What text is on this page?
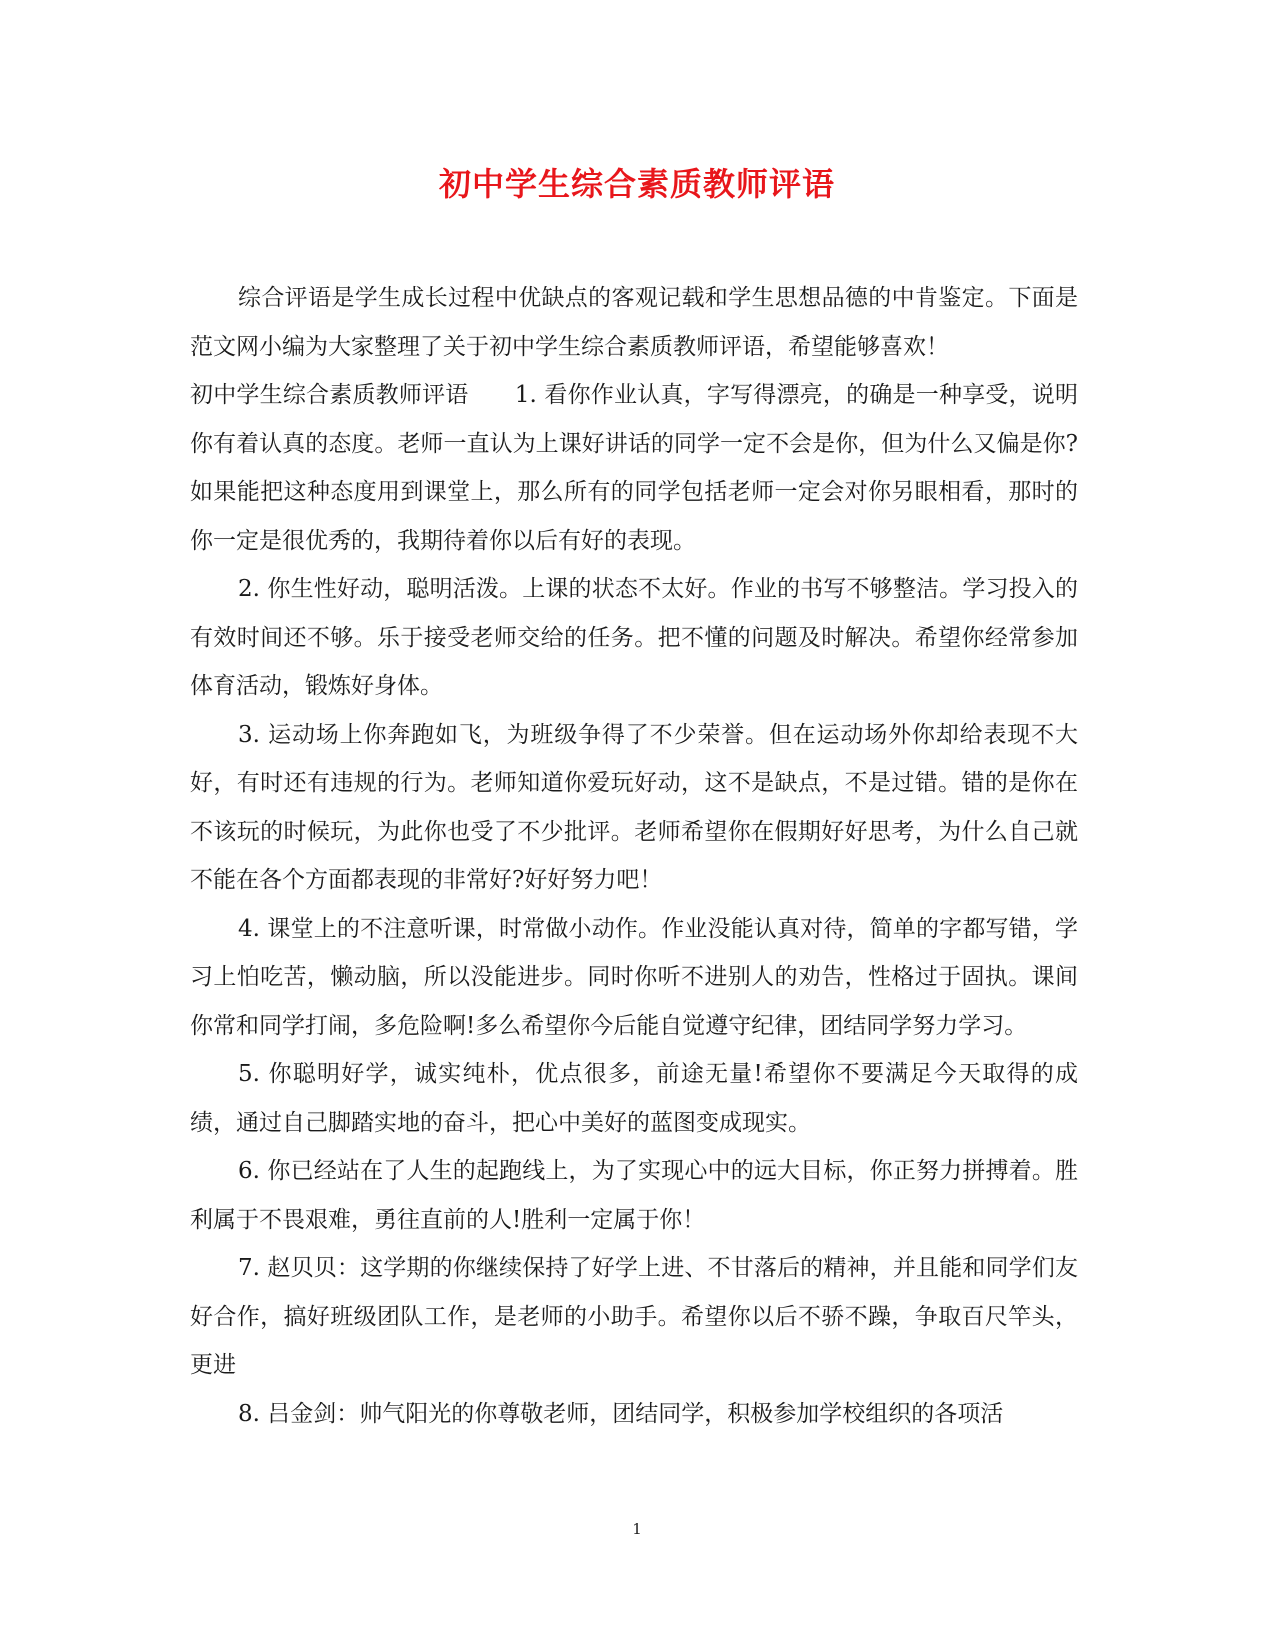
初中学生综合素质教师评语

综合评语是学生成长过程中优缺点的客观记载和学生思想品德的中肯鉴定。下面是范文网小编为大家整理了关于初中学生综合素质教师评语，希望能够喜欢！

初中学生综合素质教师评语　　1. 看你作业认真，字写得漂亮，的确是一种享受，说明你有着认真的态度。老师一直认为上课好讲话的同学一定不会是你，但为什么又偏是你?如果能把这种态度用到课堂上，那么所有的同学包括老师一定会对你另眼相看，那时的你一定是很优秀的，我期待着你以后有好的表现。

2. 你生性好动，聪明活泼。上课的状态不太好。作业的书写不够整洁。学习投入的有效时间还不够。乐于接受老师交给的任务。把不懂的问题及时解决。希望你经常参加体育活动，锻炼好身体。

3. 运动场上你奔跑如飞，为班级争得了不少荣誉。但在运动场外你却给表现不大好，有时还有违规的行为。老师知道你爱玩好动，这不是缺点，不是过错。错的是你在不该玩的时候玩，为此你也受了不少批评。老师希望你在假期好好思考，为什么自己就不能在各个方面都表现的非常好?好好努力吧！

4. 课堂上的不注意听课，时常做小动作。作业没能认真对待，简单的字都写错，学习上怕吃苦，懒动脑，所以没能进步。同时你听不进别人的劝告，性格过于固执。课间你常和同学打闹，多危险啊!多么希望你今后能自觉遵守纪律，团结同学努力学习。

5. 你聪明好学，诚实纯朴，优点很多，前途无量!希望你不要满足今天取得的成绩，通过自己脚踏实地的奋斗，把心中美好的蓝图变成现实。

6. 你已经站在了人生的起跑线上，为了实现心中的远大目标，你正努力拼搏着。胜利属于不畏艰难，勇往直前的人!胜利一定属于你！

7. 赵贝贝：这学期的你继续保持了好学上进、不甘落后的精神，并且能和同学们友好合作，搞好班级团队工作，是老师的小助手。希望你以后不骄不躁，争取百尺竿头，更进

8. 吕金剑：帅气阳光的你尊敬老师，团结同学，积极参加学校组织的各项活

1
